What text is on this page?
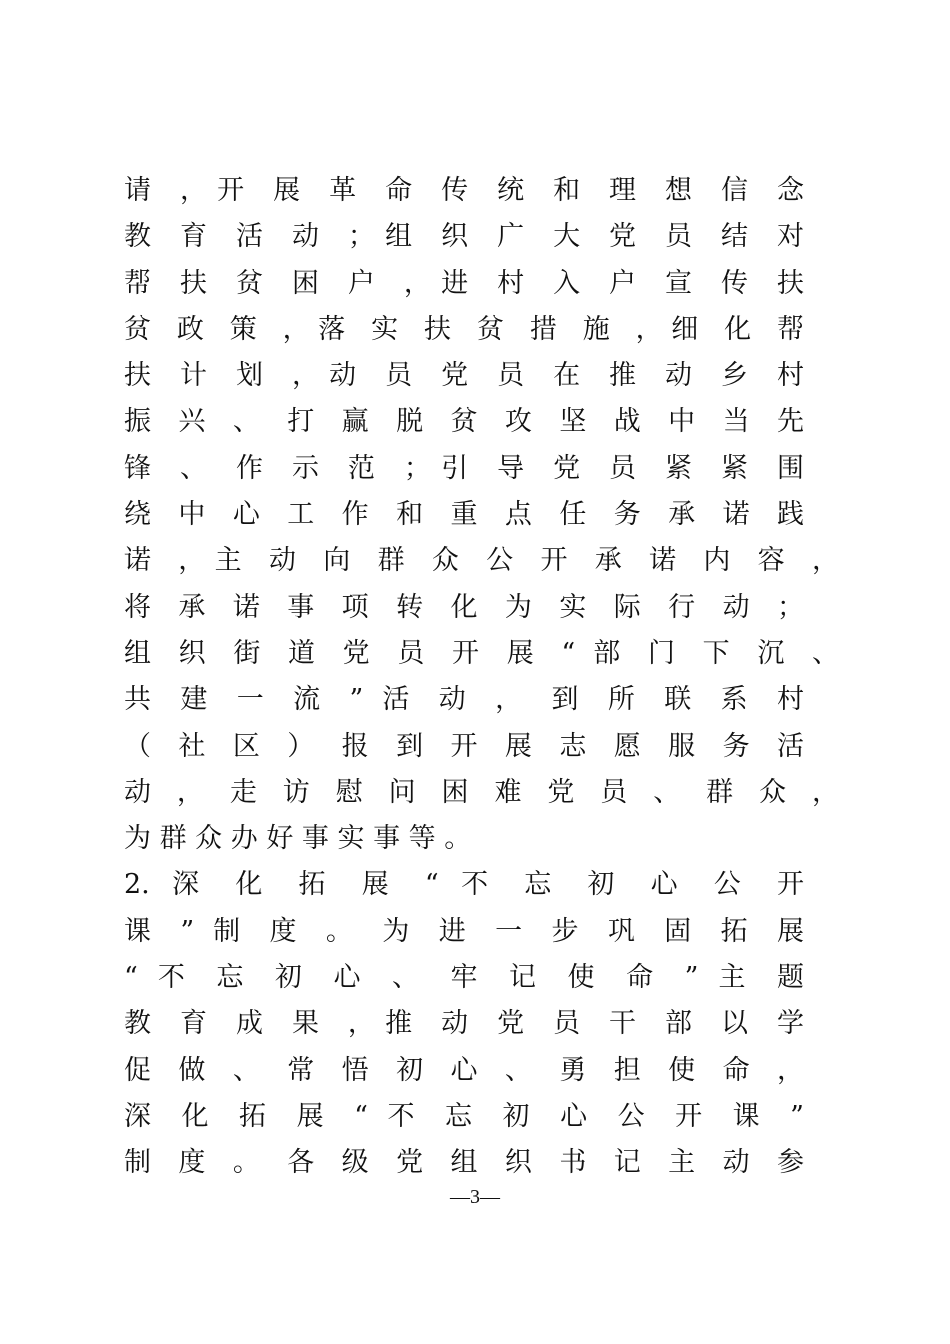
请 ，开 展 革 命 传 统 和 理 想 信 念
教 育 活 动 ；组 织 广 大 党 员 结 对
帮 扶 贫 困 户 ，进 村 入 户 宣 传 扶
贫 政 策 ，落 实 扶 贫 措 施 ，细 化 帮
扶 计 划 ，动 员 党 员 在 推 动 乡 村
振 兴 、 打 赢 脱 贫 攻 坚 战 中 当 先
锋 、 作 示 范 ；引 导 党 员 紧 紧 围
绕 中 心 工 作 和 重 点 任 务 承 诺 践
诺 ，主 动 向 群 众 公 开 承 诺 内 容 ，
将 承 诺 事 项 转 化 为 实 际 行 动 ；
组 织 街 道 党 员 开 展 “ 部 门 下 沉 、
共 建 一 流 ” 活 动 ， 到 所 联 系 村
（ 社 区 ） 报 到 开 展 志 愿 服 务 活
动 ， 走 访 慰 问 困 难 党 员 、 群 众 ，
为 群 众 办 好 事 实 事 等 。
2. 深 化 拓 展 “ 不 忘 初 心 公 开
课 ” 制 度 。 为 进 一 步 巩 固 拓 展
“ 不 忘 初 心 、 牢 记 使 命 ” 主 题
教 育 成 果 ，推 动 党 员 干 部 以 学
促 做 、 常 悟 初 心 、 勇 担 使 命 ，
深 化 拓 展 “ 不 忘 初 心 公 开 课 ”
制 度 。 各 级 党 组 织 书 记 主 动 参
—3—
